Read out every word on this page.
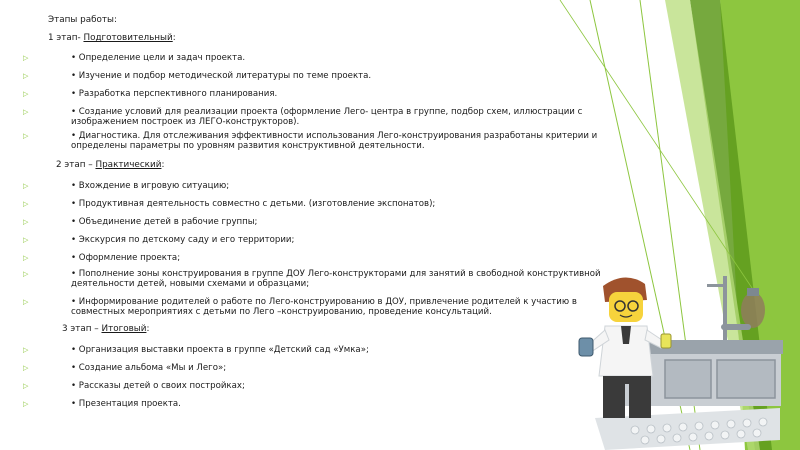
Этапы работы:
1 этап- Подготовительный:
▷	• Определение цели и задач проекта.
▷	• Изучение и подбор методической литературы по теме проекта.
▷	• Разработка перспективного планирования.
▷	• Создание условий для реализации проекта (оформление Лего- центра в группе, подбор схем, иллюстрации с
изображением построек из ЛЕГО-конструкторов).
▷	• Диагностика. Для отслеживания эффективности использования Лего-конструирования разработаны критерии и
определены параметры по уровням развития конструктивной деятельности.
2 этап – Практический:
▷	• Вхождение в игровую ситуацию;
▷	• Продуктивная деятельность совместно с детьми. (изготовление экспонатов);
▷	• Объединение детей в рабочие группы;
▷	• Экскурсия по детскому саду и его территории;
▷	• Оформление проекта;
▷	• Пополнение зоны конструирования в группе ДОУ Лего-конструкторами для занятий в свободной конструктивной
деятельности детей, новыми схемами и образцами;
▷	• Информирование родителей о работе по Лего-конструированию в ДОУ, привлечение родителей к участию в
совместных мероприятиях с детьми по Лего –конструированию, проведение консультаций.
3 этап – Итоговый:
▷	• Организация выставки проекта в группе «Детский сад «Умка»;
▷	• Создание альбома «Мы и Лего»;
▷	• Рассказы детей о своих постройках;
▷	• Презентация проекта.
